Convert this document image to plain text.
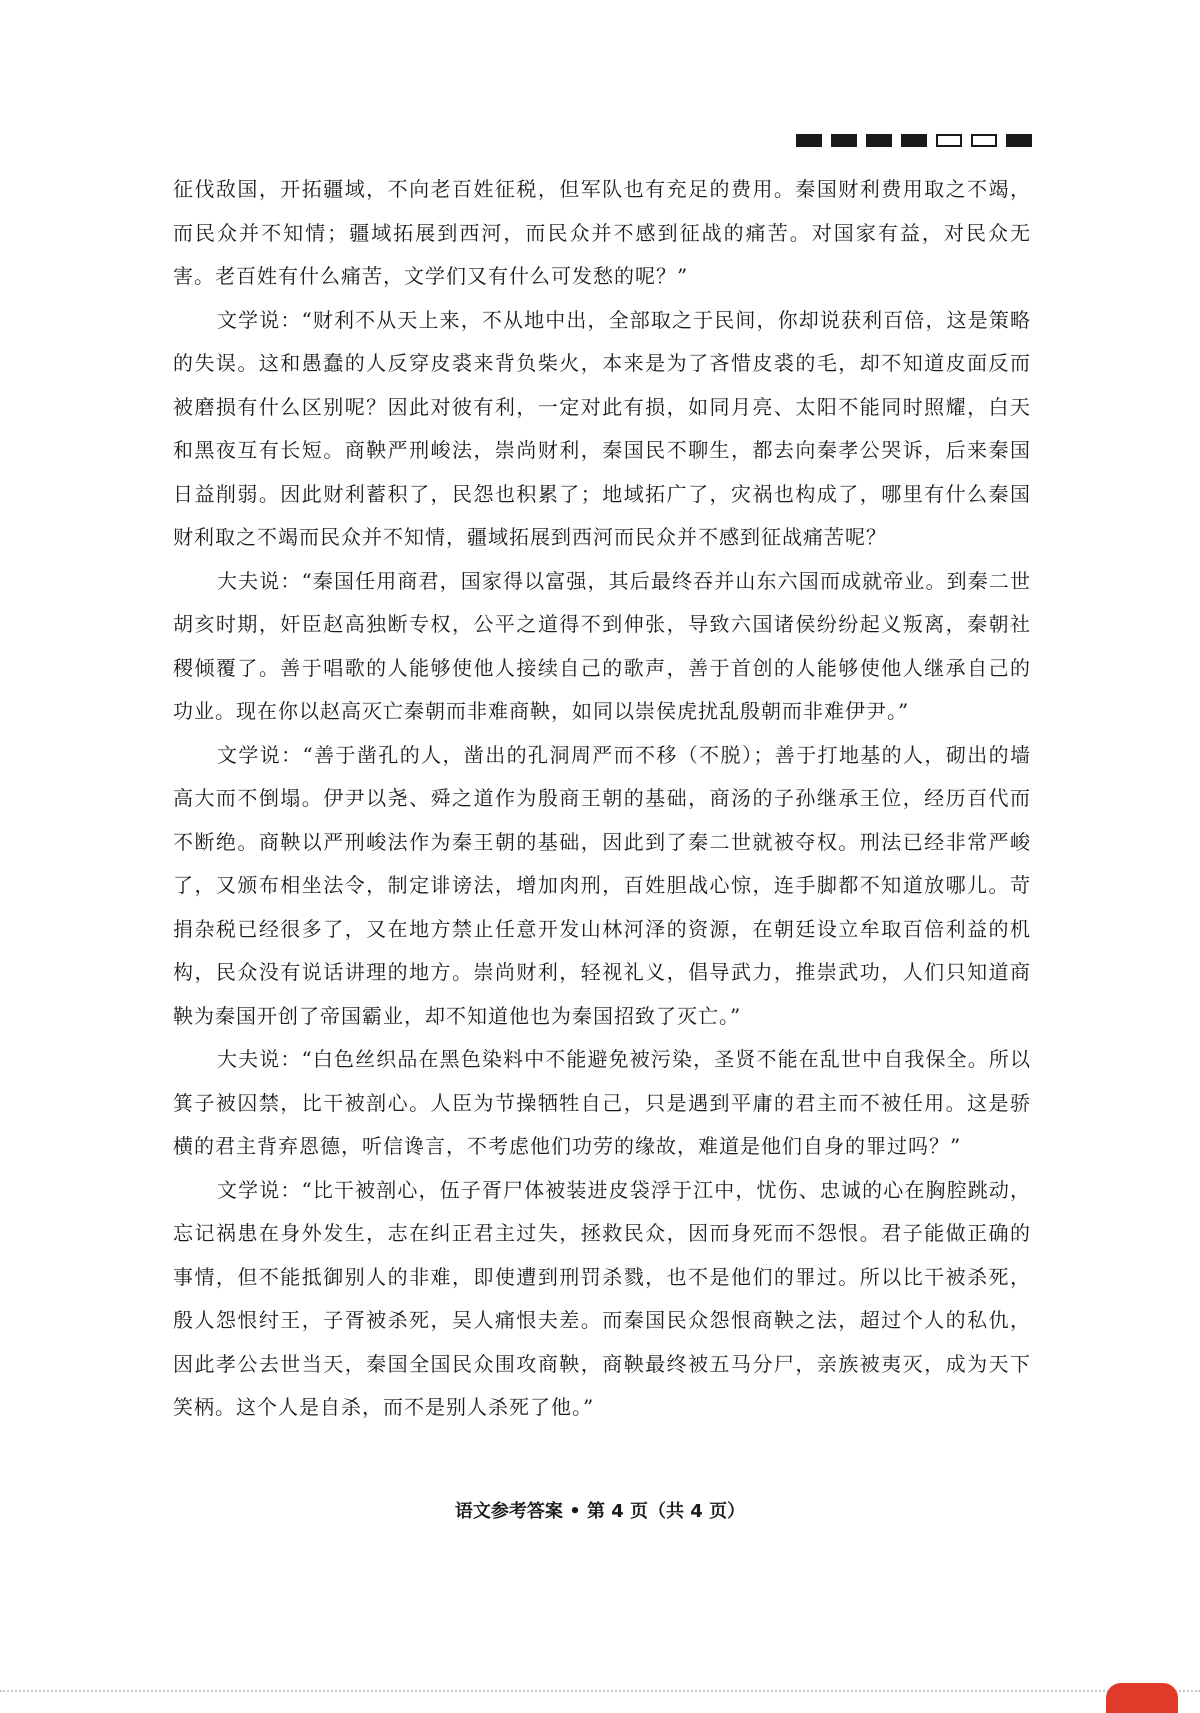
征伐敌国，开拓疆域，不向老百姓征税，但军队也有充足的费用。秦国财利费用取之不竭，而民众并不知情；疆域拓展到西河，而民众并不感到征战的痛苦。对国家有益，对民众无害。老百姓有什么痛苦，文学们又有什么可发愁的呢？”

文学说：“财利不从天上来，不从地中出，全部取之于民间，你却说获利百倍，这是策略的失误。这和愚蠢的人反穿皮裘来背负柴火，本来是为了吝惜皮裘的毛，却不知道皮面反而被磨损有什么区别呢？因此对彼有利，一定对此有损，如同月亮、太阳不能同时照耀，白天和黑夜互有长短。商鞅严刑峻法，崇尚财利，秦国民不聊生，都去向秦孝公哭诉，后来秦国日益削弱。因此财利蓄积了，民怨也积累了；地域拓广了，灾祸也构成了，哪里有什么秦国财利取之不竭而民众并不知情，疆域拓展到西河而民众并不感到征战痛苦呢？

大夫说：“秦国任用商君，国家得以富强，其后最终吞并山东六国而成就帝业。到秦二世胡亥时期，奸臣赵高独断专权，公平之道得不到伸张，导致六国诸侯纷纷起义叛离，秦朝社稷倾覆了。善于唱歌的人能够使他人接续自己的歌声，善于首创的人能够使他人继承自己的功业。现在你以赵高灭亡秦朝而非难商鞅，如同以崇侯虎扰乱殷朝而非难伊尹。”

文学说：“善于凿孔的人，凿出的孔洞周严而不移（不脱）；善于打地基的人，砌出的墙高大而不倒塌。伊尹以尧、舜之道作为殷商王朝的基础，商汤的子孙继承王位，经历百代而不断绝。商鞅以严刑峻法作为秦王朝的基础，因此到了秦二世就被夺权。刑法已经非常严峻了，又颁布相坐法令，制定诽谤法，增加肉刑，百姓胆战心惊，连手脚都不知道放哪儿。苛捐杂税已经很多了，又在地方禁止任意开发山林河泽的资源，在朝廷设立牟取百倍利益的机构，民众没有说话讲理的地方。崇尚财利，轻视礼义，倡导武力，推崇武功，人们只知道商鞅为秦国开创了帝国霸业，却不知道他也为秦国招致了灭亡。”

大夫说：“白色丝织品在黑色染料中不能避免被污染，圣贤不能在乱世中自我保全。所以箕子被囚禁，比干被剖心。人臣为节操牺牲自己，只是遇到平庸的君主而不被任用。这是骄横的君主背弃恩德，听信谗言，不考虑他们功劳的缘故，难道是他们自身的罪过吗？”

文学说：“比干被剖心，伍子胥尸体被装进皮袋浮于江中，忧伤、忠诚的心在胸腔跳动，忘记祸患在身外发生，志在纠正君主过失，拯救民众，因而身死而不怨恨。君子能做正确的事情，但不能抵御别人的非难，即使遭到刑罚杀戮，也不是他们的罪过。所以比干被杀死，殷人怨恨纣王，子胥被杀死，吴人痛恨夫差。而秦国民众怨恨商鞅之法，超过个人的私仇，因此孝公去世当天，秦国全国民众围攻商鞅，商鞅最终被五马分尸，亲族被夷灭，成为天下笑柄。这个人是自杀，而不是别人杀死了他。”

语文参考答案 • 第 4 页（共 4 页）
